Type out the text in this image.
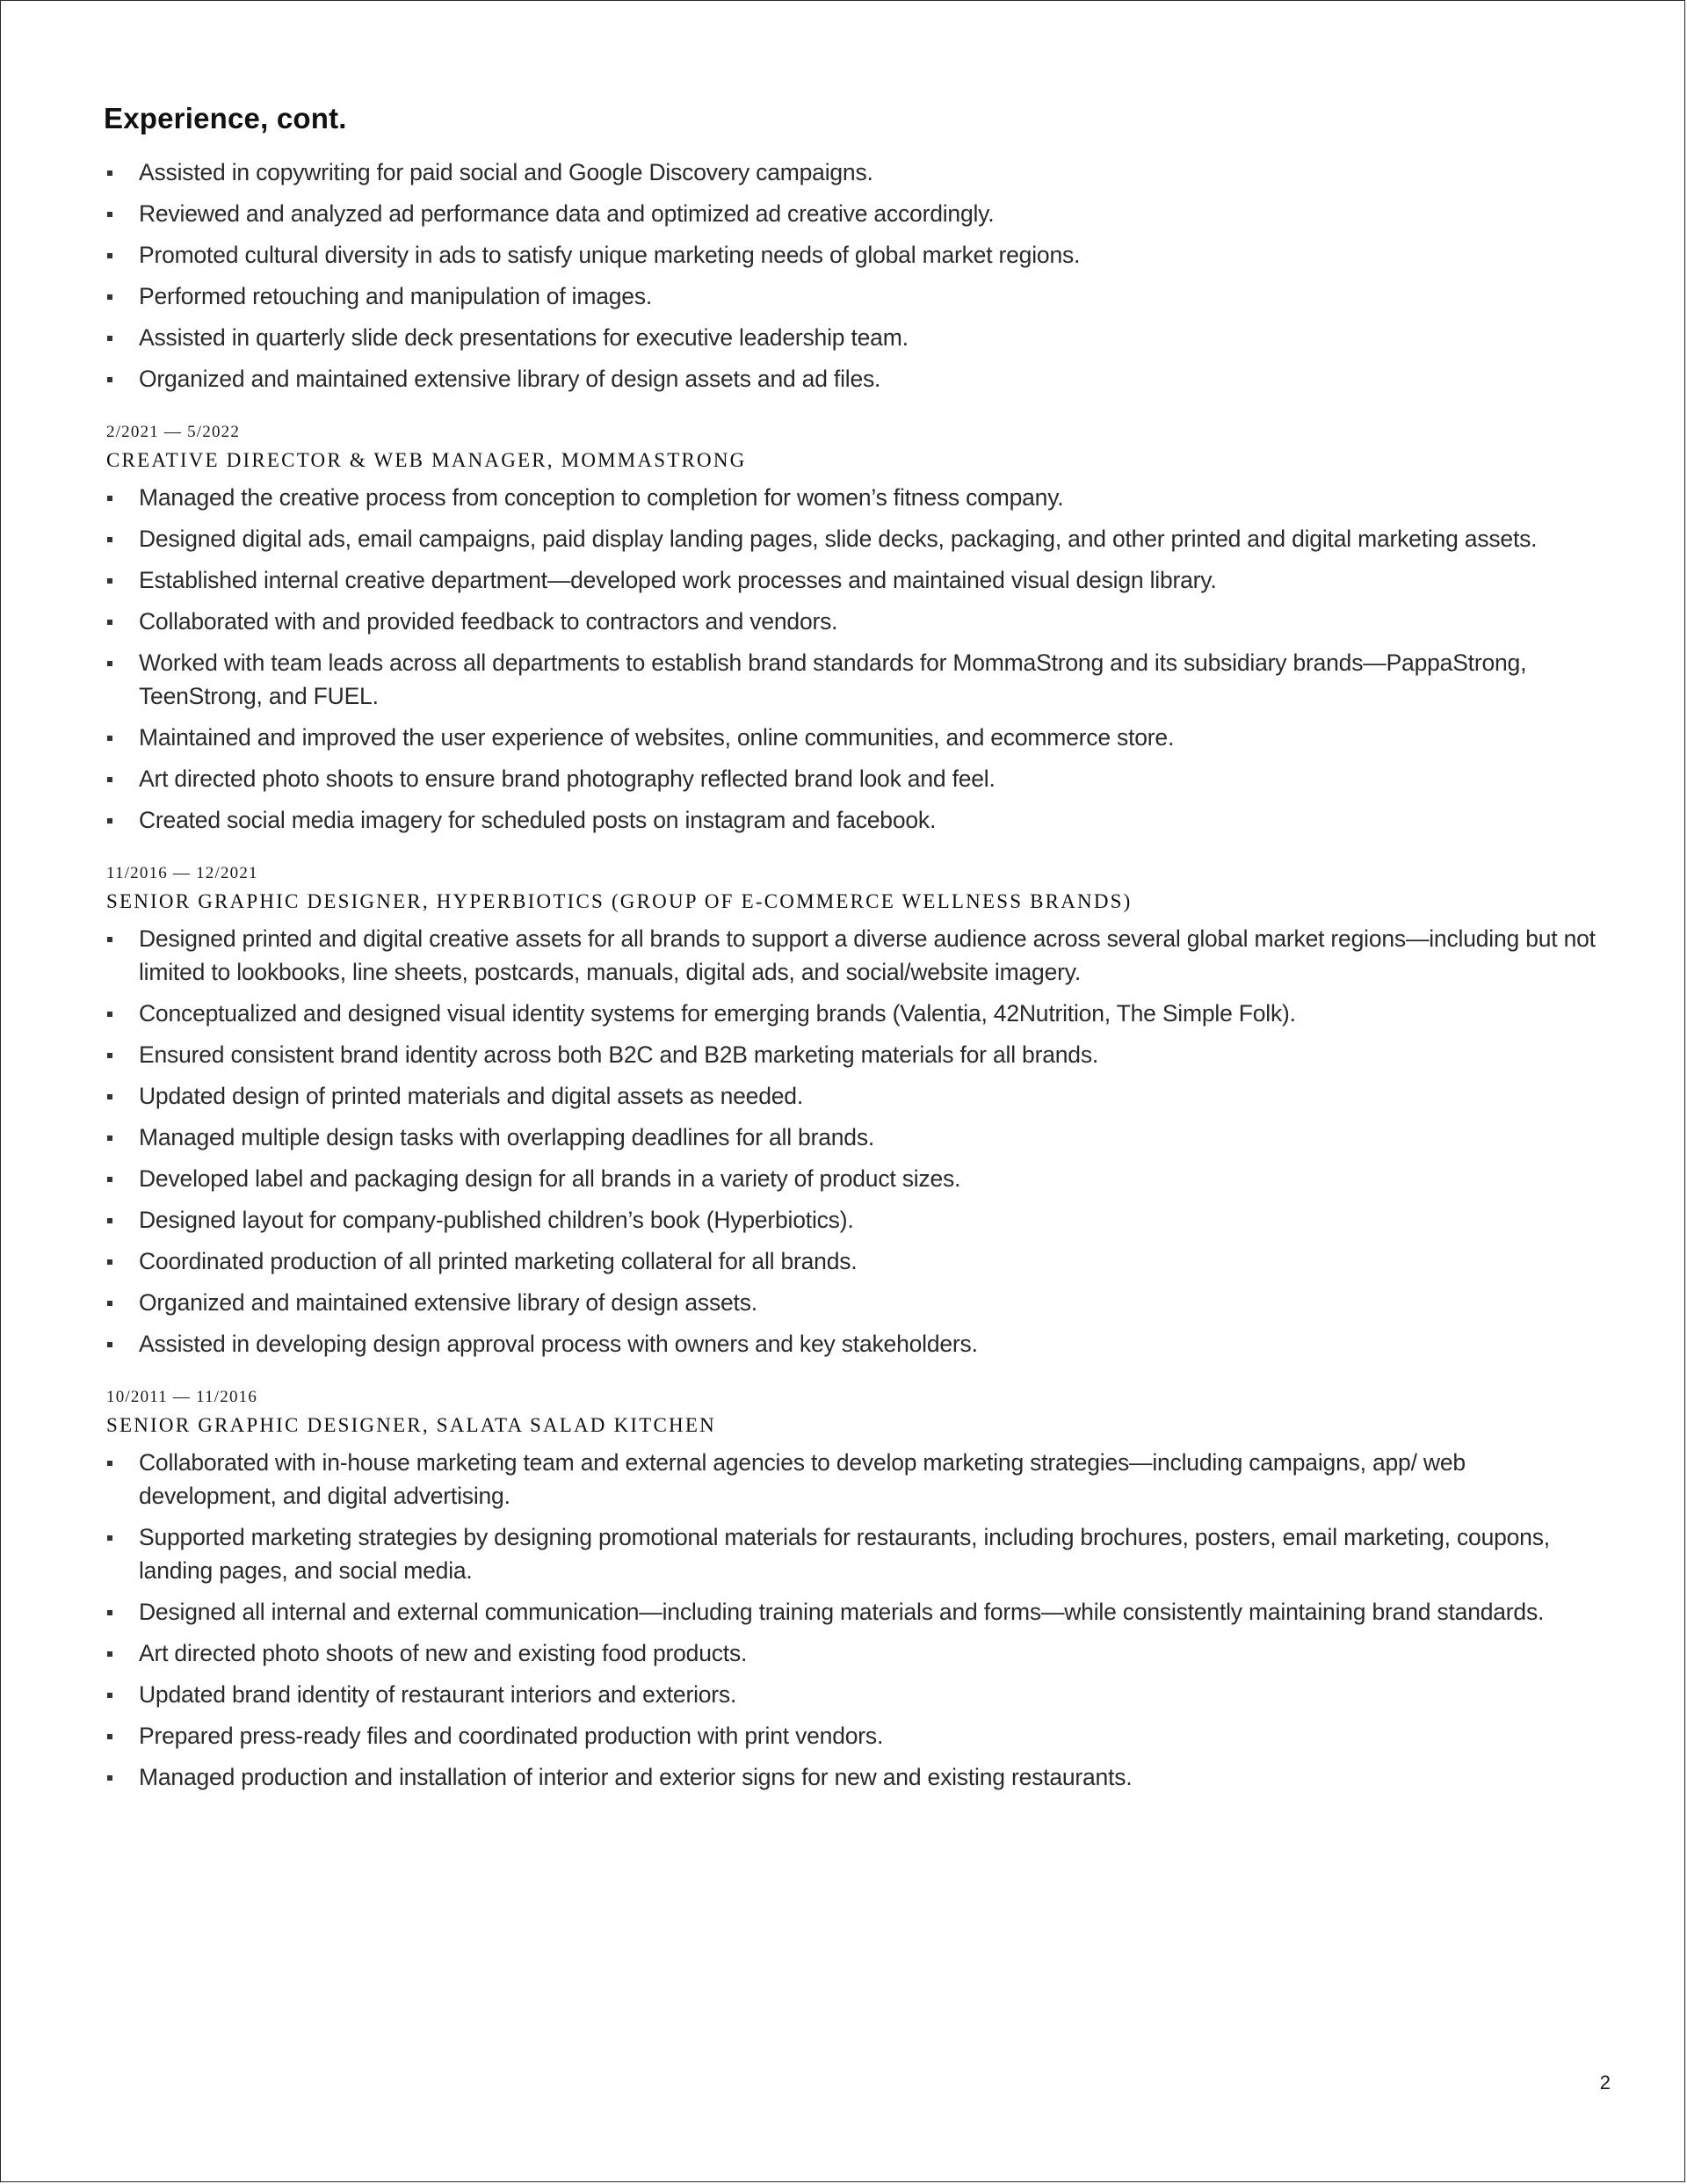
Experience, cont.
Assisted in copywriting for paid social and Google Discovery campaigns.
Reviewed and analyzed ad performance data and optimized ad creative accordingly.
Promoted cultural diversity in ads to satisfy unique marketing needs of global market regions.
Performed retouching and manipulation of images.
Assisted in quarterly slide deck presentations for executive leadership team.
Organized and maintained extensive library of design assets and ad files.
2/2021 — 5/2022
CREATIVE DIRECTOR & WEB MANAGER, MOMMASTRONG
Managed the creative process from conception to completion for women’s fitness company.
Designed digital ads, email campaigns, paid display landing pages, slide decks, packaging, and other printed and digital marketing assets.
Established internal creative department—developed work processes and maintained visual design library.
Collaborated with and provided feedback to contractors and vendors.
Worked with team leads across all departments to establish brand standards for MommaStrong and its subsidiary brands—PappaStrong, TeenStrong, and FUEL.
Maintained and improved the user experience of websites, online communities, and ecommerce store.
Art directed photo shoots to ensure brand photography reflected brand look and feel.
Created social media imagery for scheduled posts on instagram and facebook.
11/2016 — 12/2021
SENIOR GRAPHIC DESIGNER, HYPERBIOTICS (GROUP OF E-COMMERCE WELLNESS BRANDS)
Designed printed and digital creative assets for all brands to support a diverse audience across several global market regions—including but not limited to lookbooks, line sheets, postcards, manuals, digital ads, and social/website imagery.
Conceptualized and designed visual identity systems for emerging brands (Valentia, 42Nutrition, The Simple Folk).
Ensured consistent brand identity across both B2C and B2B marketing materials for all brands.
Updated design of printed materials and digital assets as needed.
Managed multiple design tasks with overlapping deadlines for all brands.
Developed label and packaging design for all brands in a variety of product sizes.
Designed layout for company-published children’s book (Hyperbiotics).
Coordinated production of all printed marketing collateral for all brands.
Organized and maintained extensive library of design assets.
Assisted in developing design approval process with owners and key stakeholders.
10/2011 — 11/2016
SENIOR GRAPHIC DESIGNER, SALATA SALAD KITCHEN
Collaborated with in-house marketing team and external agencies to develop marketing strategies—including campaigns, app/ web development, and digital advertising.
Supported marketing strategies by designing promotional materials for restaurants, including brochures, posters, email marketing, coupons, landing pages, and social media.
Designed all internal and external communication—including training materials and forms—while consistently maintaining brand standards.
Art directed photo shoots of new and existing food products.
Updated brand identity of restaurant interiors and exteriors.
Prepared press-ready files and coordinated production with print vendors.
Managed production and installation of interior and exterior signs for new and existing restaurants.
2
